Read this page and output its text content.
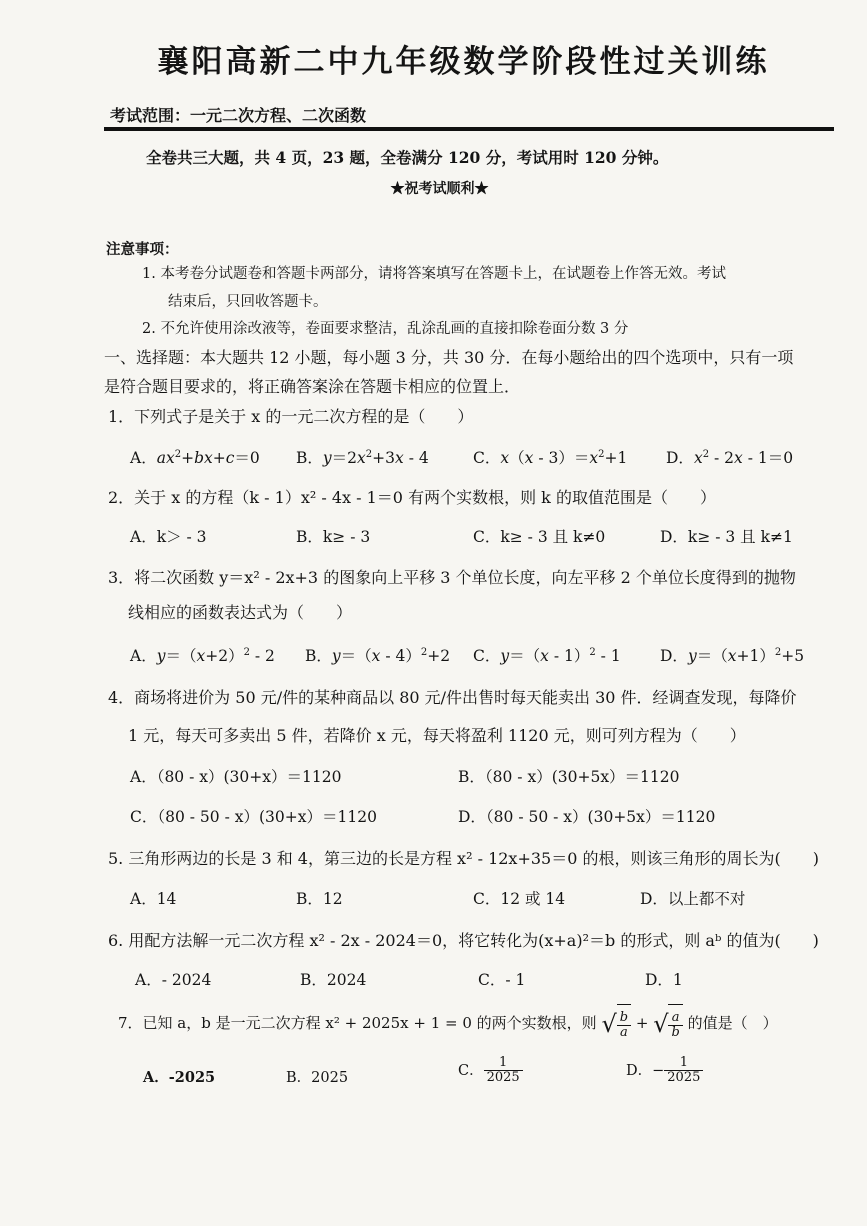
襄阳高新二中九年级数学阶段性过关训练
考试范围：一元二次方程、二次函数
全卷共三大题，共 4 页，23 题，全卷满分 120 分，考试用时 120 分钟。
★祝考试顺利★
注意事项：
1. 本考卷分试题卷和答题卡两部分，请将答案填写在答题卡上，在试题卷上作答无效。考试
结束后，只回收答题卡。
2. 不允许使用涂改液等，卷面要求整洁，乱涂乱画的直接扣除卷面分数 3 分
一、选择题：本大题共 12 小题，每小题 3 分，共 30 分．在每小题给出的四个选项中，只有一项
是符合题目要求的，将正确答案涂在答题卡相应的位置上．
1．下列式子是关于 x 的一元二次方程的是（　　）
A．$ax^2+bx+c=0$ B．$y=2x^2+3x - 4$	C．$x(x - 3)=x^2+1$ D．$x^2 - 2x - 1=0$
2．关于 x 的方程（k - 1）x² - 4x - 1＝0 有两个实数根，则 k 的取值范围是（　　）
A．k＞ - 3	B．k≥ - 3	C．k≥ - 3 且 k≠0	D．k≥ - 3 且 k≠1
3．将二次函数 y＝x² - 2x+3 的图象向上平移 3 个单位长度，向左平移 2 个单位长度得到的抛物
线相应的函数表达式为（　　）
A．$y=(x+2)^2 - 2$ B．y＝（x - 4）$^2$+2 C．y＝（x - 1）$^2$ - 1	D．$y=(x+1)^2+5$
4．商场将进价为 50 元/件的某种商品以 80 元/件出售时每天能卖出 30 件．经调查发现，每降价
1 元，每天可多卖出 5 件，若降价 x 元，每天将盈利 1120 元，则可列方程为（　　）
A．（80 - x）(30+x）＝1120	B．（80 - x）(30+5x）＝1120
C．（80 - 50 - x）(30+x）＝1120	D．（80 - 50 - x）(30+5x）＝1120
5. 三角形两边的长是 3 和 4，第三边的长是方程 x² - 12x+35＝0 的根，则该三角形的周长为(　　)
A．14	B．12	C．12 或 14	D．以上都不对
6. 用配方法解一元二次方程 x² - 2x - 2024＝0，将它转化为(x+a)²＝b 的形式，则 aᵇ 的值为(　　)
A．- 2024	B．2024	C．- 1	D．1
7．已知 a，b 是一元二次方程 x² + 2025x + 1 = 0 的两个实数根，则 √ $\frac{b}{a}$ + √ $\frac{a}{b}$ 的值是（　）
A．-2025	B．2025	C． $\frac{1}{2025}$	D．− $\frac{1}{2025}$
